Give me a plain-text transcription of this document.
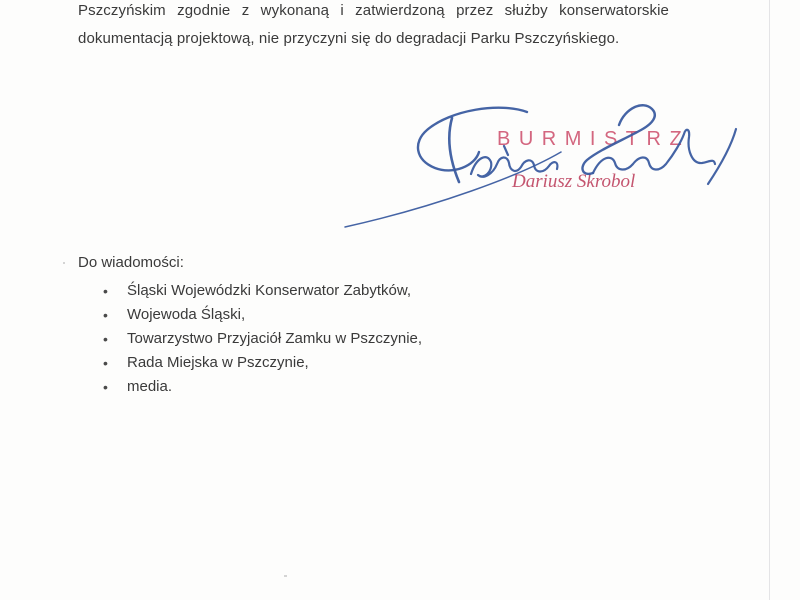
Pszczyńskim zgodnie z wykonaną i zatwierdzoną przez służby konserwatorskie
dokumentacją projektową, nie przyczyni się do degradacji Parku Pszczyńskiego.
BURMISTRZ
Dariusz Skrobol
Do wiadomości:
• Śląski Wojewódzki Konserwator Zabytków,
• Wojewoda Śląski,
• Towarzystwo Przyjaciół Zamku w Pszczynie,
• Rada Miejska w Pszczynie,
• media.
